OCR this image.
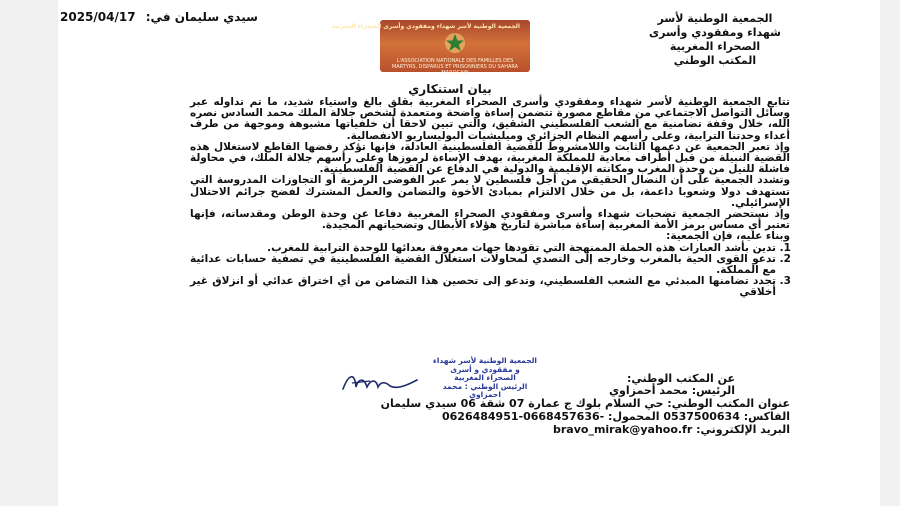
الجمعية الوطنية لأسر
شهداء ومفقودي وأسرى
الصحراء المغربية
المكتب الوطني
سيدي سليمان في: 2025/04/17
الجمعية الوطنية لأسر شهداء ومفقودي وأسرى الصحراء المغربية
L'ASSOCIATION NATIONALE DES FAMILLES DES MARTYRS, DISPARUS ET PRISONNIERS DU SAHARA MAROCAIN
بيان استنكاري

تتابع الجمعية الوطنية لأسر شهداء ومفقودي وأسرى الصحراء المغربية بقلق بالغ واستياء شديد، ما تم تداوله عبر وسائل التواصل الاجتماعي من مقاطع مصورة تتضمن إساءة واضحة ومتعمدة لشخص جلالة الملك محمد السادس نصره الله، خلال وقفة تضامنية مع الشعب الفلسطيني الشقيق، والتي تبين لاحقا أن خلفياتها مشبوهة وموجهة من طرف أعداء وحدتنا الترابية، وعلى رأسهم النظام الجزائري وميليشيات البوليساريو الانفصالية.

وإذ تعبر الجمعية عن دعمها الثابت واللامشروط للقضية الفلسطينية العادلة، فإنها تؤكد رفضها القاطع لاستغلال هذه القضية النبيلة من قبل أطراف معادية للمملكة المغربية، بهدف الإساءة لرموزها وعلى رأسهم جلالة الملك، في محاولة فاشلة للنيل من وحدة المغرب ومكانته الإقليمية والدولية في الدفاع عن القضية الفلسطينية.

وتشدد الجمعية على أن النضال الحقيقي من أجل فلسطين لا يمر عبر الفوضى الرمزية أو التجاوزات المدروسة التي تستهدف دولا وشعوبا داعمة، بل من خلال الالتزام بمبادئ الأخوة والتضامن والعمل المشترك لفضح جرائم الاحتلال الإسرائيلي.

وإذ نستحضر الجمعية تضحيات شهداء وأسرى ومفقودي الصحراء المغربية دفاعا عن وحدة الوطن ومقدساته، فإنها تعتبر أي مساس برمز الأمة المغربية إساءة مباشرة لتاريخ هؤلاء الأبطال وتضحياتهم المجيدة.

وبناء عليه، فإن الجمعية:

1. تدين بأشد العبارات هذه الحملة الممنهجة التي تقودها جهات معروفة بعدائها للوحدة الترابية للمغرب.
2. تدعو القوى الحية بالمغرب وخارجه إلى التصدي لمحاولات استغلال القضية الفلسطينية في تصفية حسابات عدائية مع المملكة.
3. تجدد تضامنها المبدئي مع الشعب الفلسطيني، وتدعو إلى تحصين هذا التضامن من أي اختراق عدائي أو انزلاق غير أخلاقي
عن المكتب الوطني:
الرئيس: محمد أحمزاوي
الجمعية الوطنية لأسر شهداء
و مفقودي و أسرى
الصحراء المغربية
الرئيس الوطني : محمد احمزاوي
عنوان المكتب الوطني: حي السلام بلوك ج عمارة 07 شقة 06 سيدي سليمان
الفاكس: 0537500634 المحمول: 0626484951-0668457636-
البريد الإلكتروني: bravo_mirak@yahoo.fr
